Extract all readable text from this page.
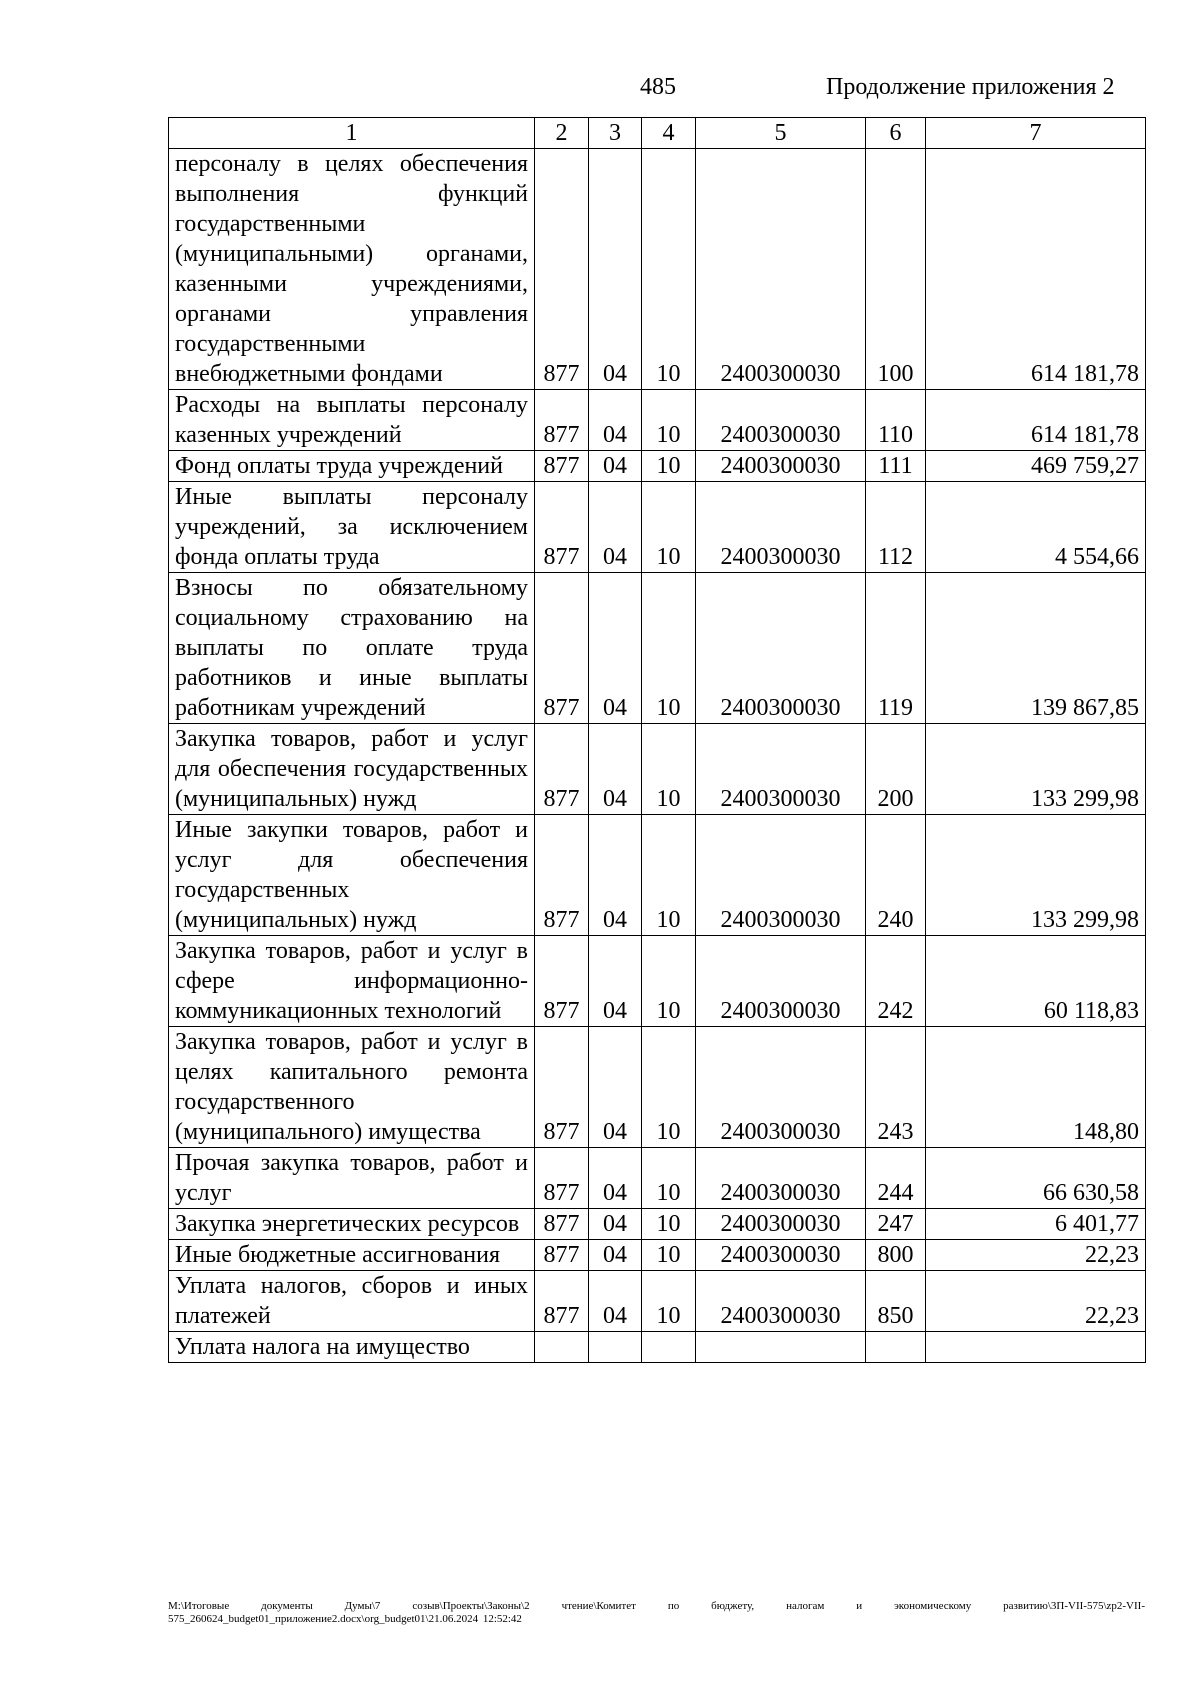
485	Продолжение приложения 2
1	2	3	4	5	6	7
персоналу в целях обеспечения выполнения функций государственными (муниципальными) органами, казенными учреждениями, органами управления государственными внебюджетными фондами	877	04	10	2400300030	100	614 181,78
Расходы на выплаты персоналу казенных учреждений	877	04	10	2400300030	110	614 181,78
Фонд оплаты труда учреждений	877	04	10	2400300030	111	469 759,27
Иные выплаты персоналу учреждений, за исключением фонда оплаты труда	877	04	10	2400300030	112	4 554,66
Взносы по обязательному социальному страхованию на выплаты по оплате труда работников и иные выплаты работникам учреждений	877	04	10	2400300030	119	139 867,85
Закупка товаров, работ и услуг для обеспечения государственных (муниципальных) нужд	877	04	10	2400300030	200	133 299,98
Иные закупки товаров, работ и услуг для обеспечения государственных (муниципальных) нужд	877	04	10	2400300030	240	133 299,98
Закупка товаров, работ и услуг в сфере информационно-коммуникационных технологий	877	04	10	2400300030	242	60 118,83
Закупка товаров, работ и услуг в целях капитального ремонта государственного (муниципального) имущества	877	04	10	2400300030	243	148,80
Прочая закупка товаров, работ и услуг	877	04	10	2400300030	244	66 630,58
Закупка энергетических ресурсов	877	04	10	2400300030	247	6 401,77
Иные бюджетные ассигнования	877	04	10	2400300030	800	22,23
Уплата налогов, сборов и иных платежей	877	04	10	2400300030	850	22,23
Уплата налога на имущество						
M:\Итоговые документы Думы\7 созыв\Проекты\Законы\2 чтение\Комитет по бюджету, налогам и экономическому развитию\3П-VII-575\zp2-VII-575_260624_budget01_приложение2.docx\org_budget01\21.06.2024 12:52:42
